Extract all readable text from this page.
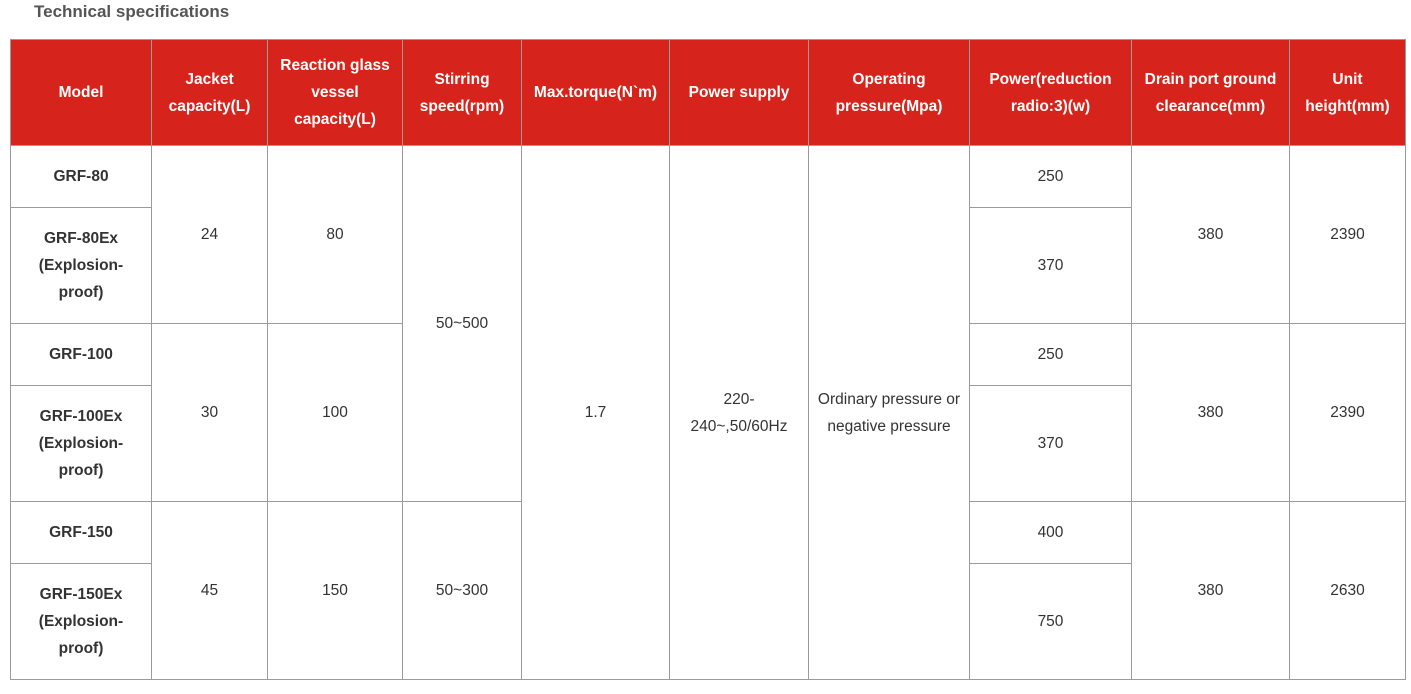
Technical specifications
Model	Jacket capacity(L)	Reaction glass vessel capacity(L)	Stirring speed(rpm)	Max.torque(N`m)	Power supply	Operating pressure(Mpa)	Power(reduction radio:3)(w)	Drain port ground clearance(mm)	Unit height(mm)
GRF-80	24	80	50~500	1.7	220-240~,50/60Hz	Ordinary pressure or negative pressure	250	380	2390
GRF-80Ex (Explosion-proof)							370		
GRF-100	30	100					250	380	2390
GRF-100Ex (Explosion-proof)							370		
GRF-150	45	150	50~300				400	380	2630
GRF-150Ex (Explosion-proof)							750		
